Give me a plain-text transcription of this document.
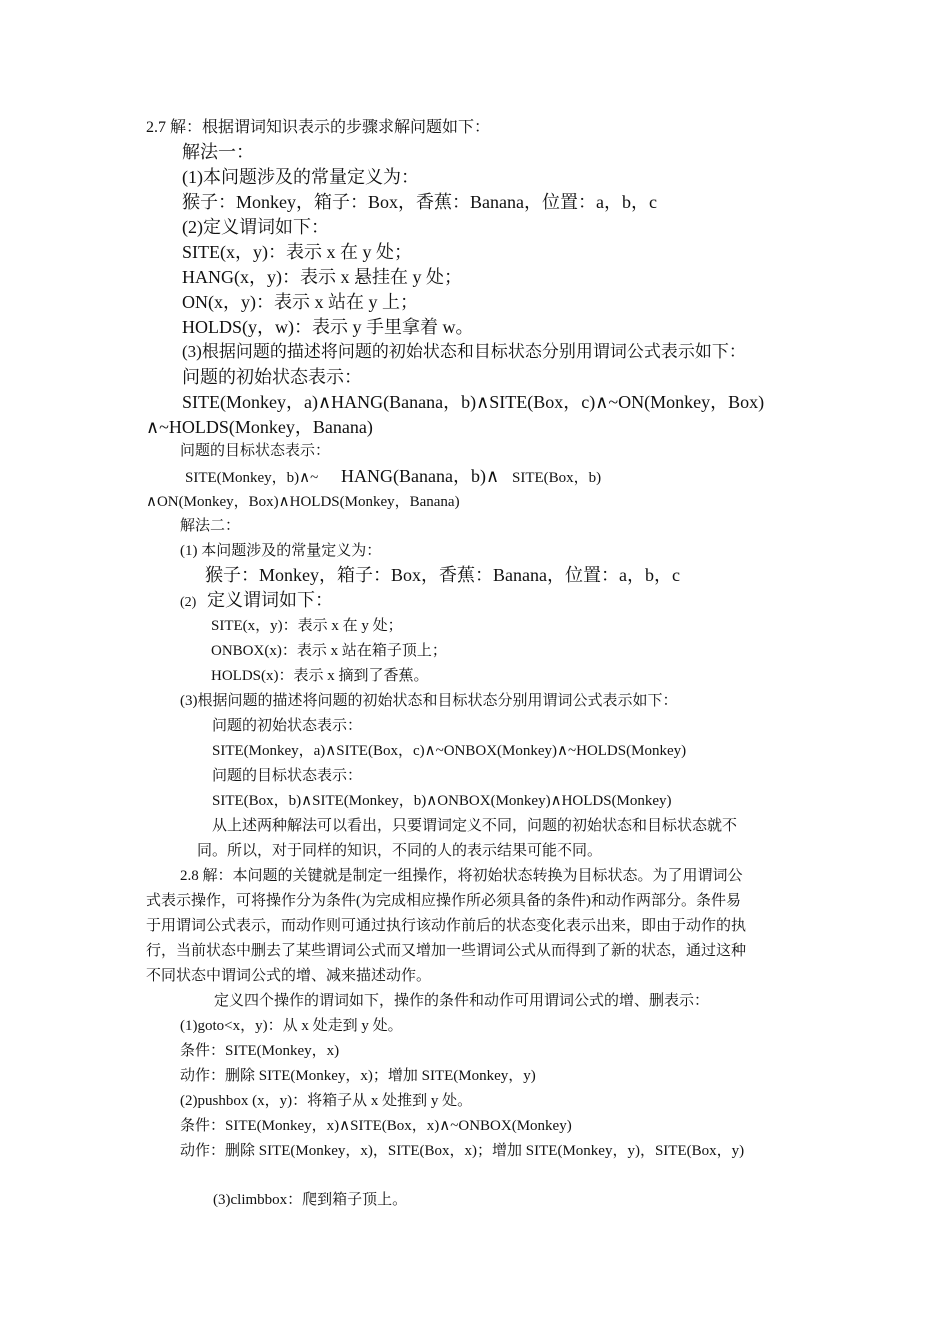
2.7 解：根据谓词知识表示的步骤求解问题如下：
解法一：
(1)本问题涉及的常量定义为：
猴子：Monkey，箱子：Box，香蕉：Banana，位置：a，b，c
(2)定义谓词如下：
SITE(x，y)：表示 x 在 y 处；
HANG(x，y)：表示 x 悬挂在 y 处；
ON(x，y)：表示 x 站在 y 上；
HOLDS(y，w)：表示 y 手里拿着 w。
(3)根据问题的描述将问题的初始状态和目标状态分别用谓词公式表示如下：
问题的初始状态表示：
SITE(Monkey，a)∧HANG(Banana，b)∧SITE(Box，c)∧~ON(Monkey，Box)
∧~HOLDS(Monkey，Banana)
问题的目标状态表示：
SITE(Monkey，b)∧~ HANG(Banana，b)∧ SITE(Box，b)
∧ON(Monkey，Box)∧HOLDS(Monkey，Banana)
解法二：
(1) 本问题涉及的常量定义为：
猴子：Monkey，箱子：Box，香蕉：Banana，位置：a，b，c
(2) 定义谓词如下：
SITE(x，y)：表示 x 在 y 处；
ONBOX(x)：表示 x 站在箱子顶上；
HOLDS(x)：表示 x 摘到了香蕉。
(3)根据问题的描述将问题的初始状态和目标状态分别用谓词公式表示如下：
问题的初始状态表示：
SITE(Monkey，a)∧SITE(Box，c)∧~ONBOX(Monkey)∧~HOLDS(Monkey)
问题的目标状态表示：
SITE(Box，b)∧SITE(Monkey，b)∧ONBOX(Monkey)∧HOLDS(Monkey)
从上述两种解法可以看出，只要谓词定义不同，问题的初始状态和目标状态就不
同。所以，对于同样的知识，不同的人的表示结果可能不同。
2.8 解：本问题的关键就是制定一组操作，将初始状态转换为目标状态。为了用谓词公
式表示操作，可将操作分为条件(为完成相应操作所必须具备的条件)和动作两部分。条件易
于用谓词公式表示，而动作则可通过执行该动作前后的状态变化表示出来，即由于动作的执
行，当前状态中删去了某些谓词公式而又增加一些谓词公式从而得到了新的状态，通过这种
不同状态中谓词公式的增、减来描述动作。
定义四个操作的谓词如下，操作的条件和动作可用谓词公式的增、删表示：
(1)goto<x，y)：从 x 处走到 y 处。
条件：SITE(Monkey，x)
动作：删除 SITE(Monkey，x)；增加 SITE(Monkey，y)
(2)pushbox (x，y)：将箱子从 x 处推到 y 处。
条件：SITE(Monkey，x)∧SITE(Box，x)∧~ONBOX(Monkey)
动作：删除 SITE(Monkey，x)，SITE(Box，x)；增加 SITE(Monkey，y)，SITE(Box，y)
(3)climbbox：爬到箱子顶上。
